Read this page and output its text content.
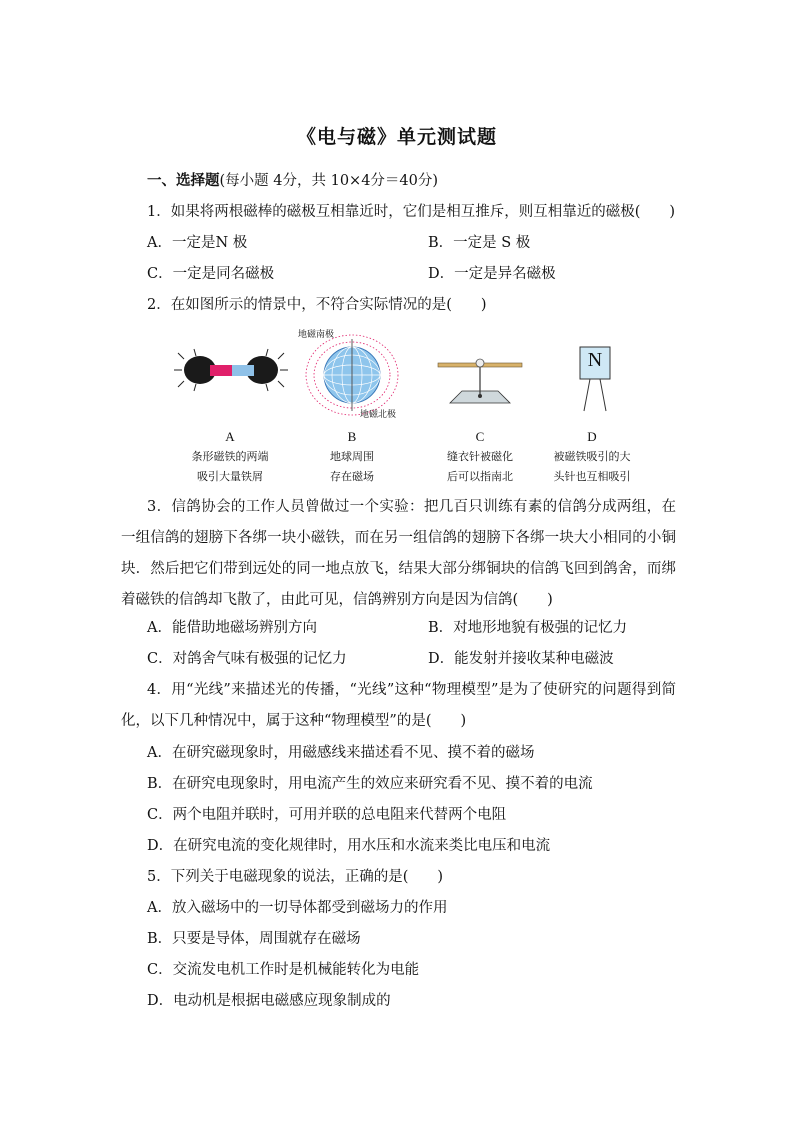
《电与磁》单元测试题
一、选择题(每小题 4分，共 10×4分＝40分)
1．如果将两根磁棒的磁极互相靠近时，它们是相互推斥，则互相靠近的磁极(　　)
A．一定是N 极	B．一定是 S 极
C．一定是同名磁极	D．一定是异名磁极
2．在如图所示的情景中，不符合实际情况的是(　　)
A
条形磁铁的两端
吸引大量铁屑
地磁南极
地磁北极
B
地球周围
存在磁场
C
缝衣针被磁化
后可以指南北
N
D
被磁铁吸引的大
头针也互相吸引
3．信鸽协会的工作人员曾做过一个实验：把几百只训练有素的信鸽分成两组，在一组信鸽的翅膀下各绑一块小磁铁，而在另一组信鸽的翅膀下各绑一块大小相同的小铜块．然后把它们带到远处的同一地点放飞，结果大部分绑铜块的信鸽飞回到鸽舍，而绑着磁铁的信鸽却飞散了，由此可见，信鸽辨别方向是因为信鸽(　　)
A．能借助地磁场辨别方向	B．对地形地貌有极强的记忆力
C．对鸽舍气味有极强的记忆力	D．能发射并接收某种电磁波
4．用“光线”来描述光的传播，“光线”这种“物理模型”是为了使研究的问题得到简化，以下几种情况中，属于这种“物理模型”的是(　　)
A．在研究磁现象时，用磁感线来描述看不见、摸不着的磁场
B．在研究电现象时，用电流产生的效应来研究看不见、摸不着的电流
C．两个电阻并联时，可用并联的总电阻来代替两个电阻
D．在研究电流的变化规律时，用水压和水流来类比电压和电流
5．下列关于电磁现象的说法，正确的是(　　)
A．放入磁场中的一切导体都受到磁场力的作用
B．只要是导体，周围就存在磁场
C．交流发电机工作时是机械能转化为电能
D．电动机是根据电磁感应现象制成的
